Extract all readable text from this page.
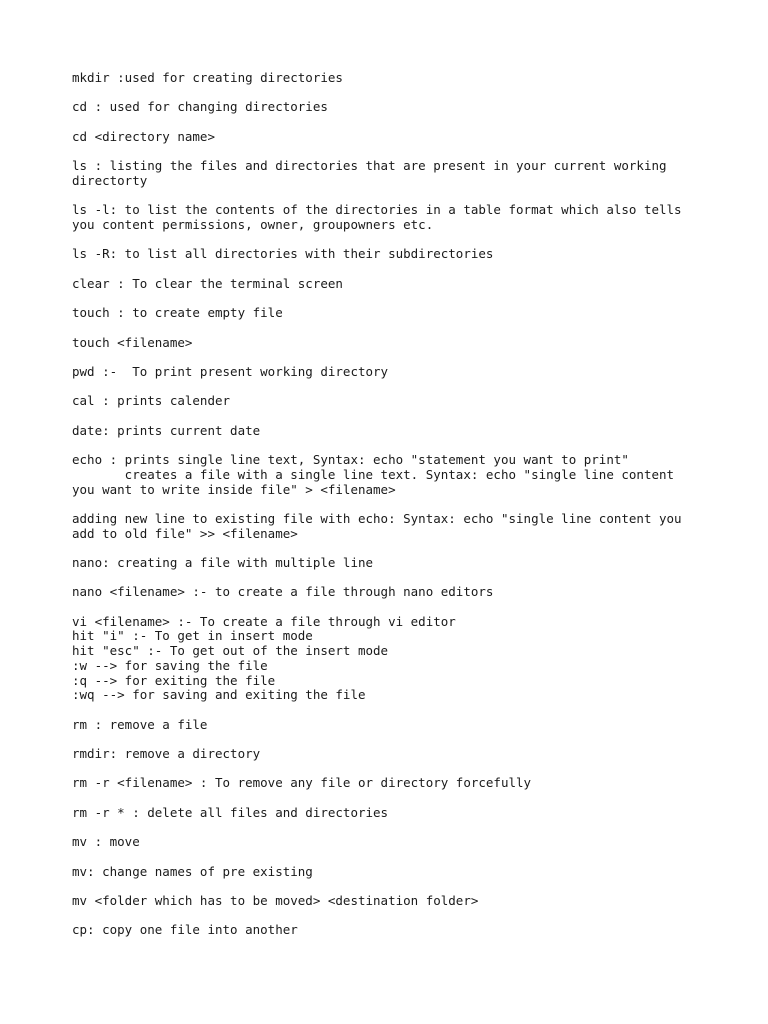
mkdir :used for creating directories
cd : used for changing directories
cd <directory name>
ls : listing the files and directories that are present in your current working
directorty
ls -l: to list the contents of the directories in a table format which also tells
you content permissions, owner, groupowners etc.
ls -R: to list all directories with their subdirectories
clear : To clear the terminal screen
touch : to create empty file
touch <filename>
pwd :-  To print present working directory
cal : prints calender
date: prints current date
echo : prints single line text, Syntax: echo "statement you want to print"
creates a file with a single line text. Syntax: echo "single line content
you want to write inside file" > <filename>
adding new line to existing file with echo: Syntax: echo "single line content you
add to old file" >> <filename>
nano: creating a file with multiple line
nano <filename> :- to create a file through nano editors
vi <filename> :- To create a file through vi editor
hit "i" :- To get in insert mode
hit "esc" :- To get out of the insert mode
:w --> for saving the file
:q --> for exiting the file
:wq --> for saving and exiting the file
rm : remove a file
rmdir: remove a directory
rm -r <filename> : To remove any file or directory forcefully
rm -r * : delete all files and directories
mv : move
mv: change names of pre existing
mv <folder which has to be moved> <destination folder>
cp: copy one file into another
